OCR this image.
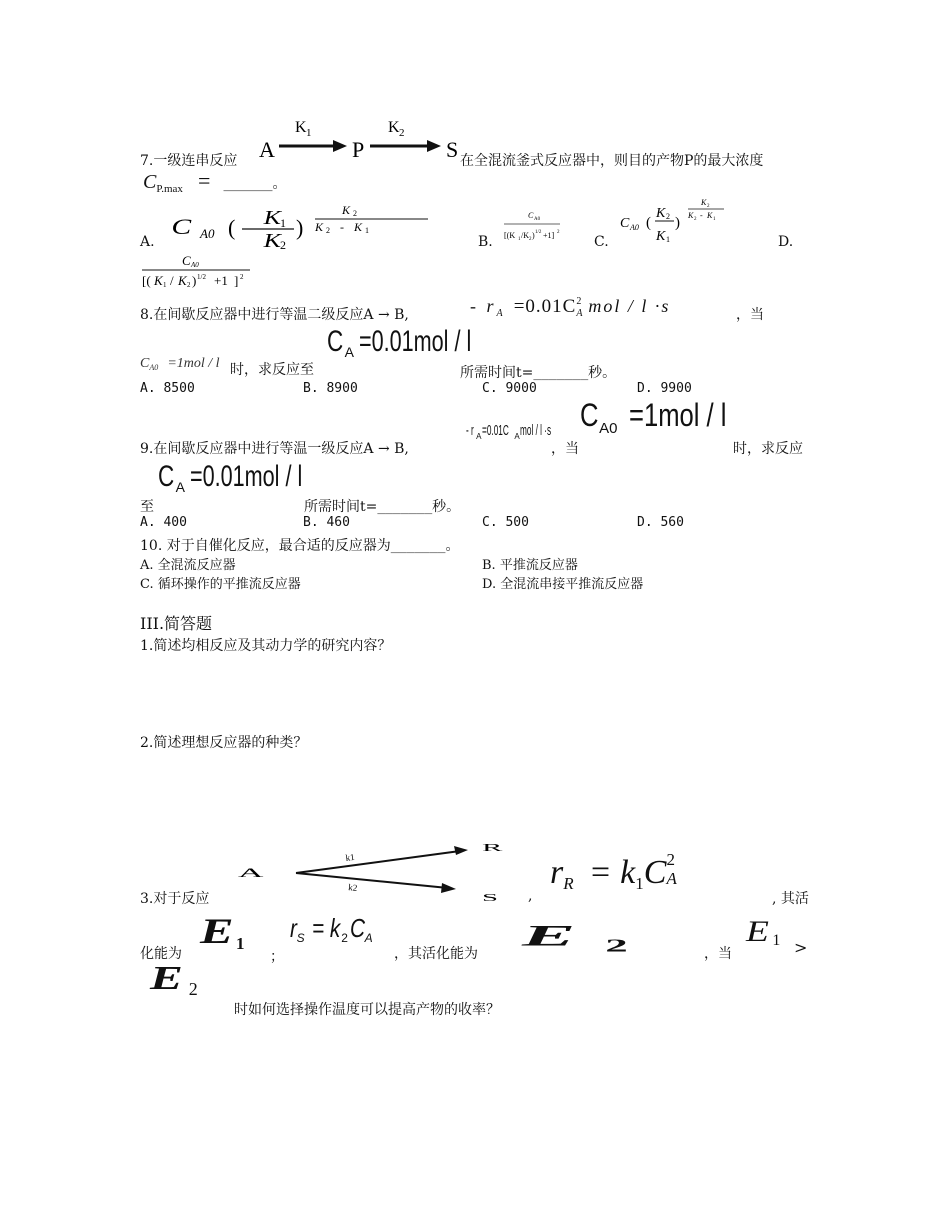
7.一级连串反应 A
K 1
P
K 2
S 在全混流釜式反应器中，则目的产物P的最大浓度
$C_{P.max}$ = _______。
A.
C A0 ( K 1
K 2
)
K 2
K 2 - K 1
B.
C A0
[(K 1 /K 2 ) 1/2 +1] 2
C.
C A0 (
K 2
K 1
)
K 2
K 2 - K 1
D.
C A0
[( K 1 / K 2 ) 1/2 +1 ] 2
8.在间歇反应器中进行等温二级反应A → B,	- $r_A =0.01C$ 2
A mol / l ·s	，当
CA0 =1mol / l 时，求反应至
CA =0.01mol / l
所需时间t=_______秒。
A. 8500	B. 8900	C. 9000	D. 9900
9.在间歇反应器中进行等温一级反应A → B,
- r A=0.01C Amol / l ·s
，当
CA0 =1mol / l
时，求反应
至
CA =0.01mol / l
所需时间t=_______秒。
A. 400	B. 460	C. 500	D. 560
10. 对于自催化反应，最合适的反应器为_______。
A. 全混流反应器	B. 平推流反应器
C. 循环操作的平推流反应器	D. 全混流串接平推流反应器
III.简答题
1.简述均相反应及其动力学的研究内容？
2.简述理想反应器的种类？
3.对于反应
A
k1
k2
R
S ,
rR = k1C 2
A
, 其活
化能为
E 1
；
rS = k2CA
，其活化能为
E 2	，当
E 1 >
E 2
时如何选择操作温度可以提高产物的收率？
